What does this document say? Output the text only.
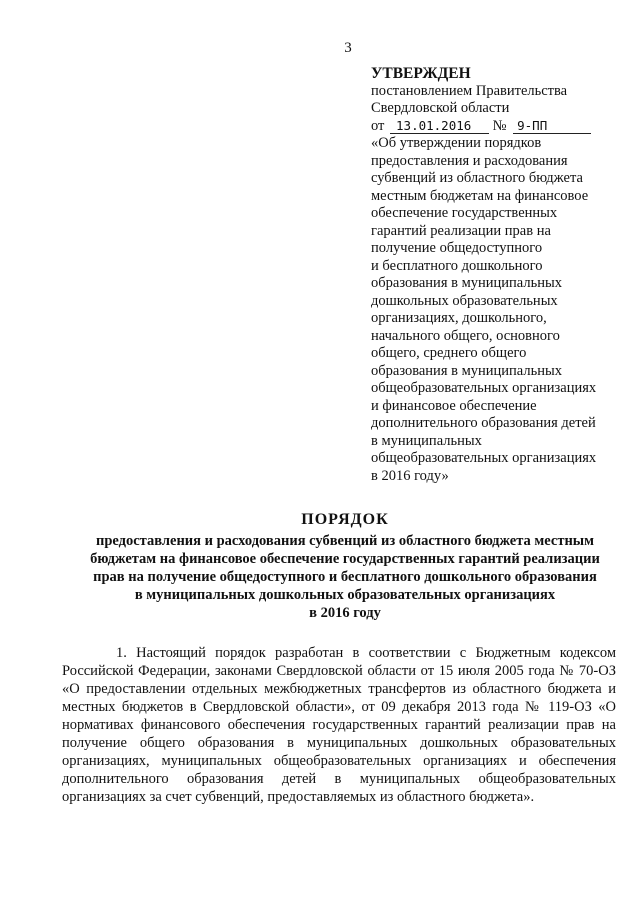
3
УТВЕРЖДЕН
постановлением Правительства
Свердловской области
от 13.01.2016 № 9-ПП
«Об утверждении порядков
предоставления и расходования
субвенций из областного бюджета
местным бюджетам на финансовое
обеспечение государственных
гарантий реализации прав на
получение общедоступного
и бесплатного дошкольного
образования в муниципальных
дошкольных образовательных
организациях, дошкольного,
начального общего, основного
общего, среднего общего
образования в муниципальных
общеобразовательных организациях
и финансовое обеспечение
дополнительного образования детей
в муниципальных
общеобразовательных организациях
в 2016 году»
ПОРЯДОК
предоставления и расходования субвенций из областного бюджета местным
бюджетам на финансовое обеспечение государственных гарантий реализации
прав на получение общедоступного и бесплатного дошкольного образования
в муниципальных дошкольных образовательных организациях
в 2016 году

1. Настоящий порядок разработан в соответствии с Бюджетным кодексом Российской Федерации, законами Свердловской области от 15 июля 2005 года № 70-ОЗ «О предоставлении отдельных межбюджетных трансфертов из областного бюджета и местных бюджетов в Свердловской области», от 09 декабря 2013 года № 119-ОЗ «О нормативах финансового обеспечения государственных гарантий реализации прав на получение общего образования в муниципальных дошкольных образовательных организациях, муниципальных общеобразовательных организациях и обеспечения дополнительного образования детей в муниципальных общеобразовательных организациях за счет субвенций, предоставляемых из областного бюджета».
